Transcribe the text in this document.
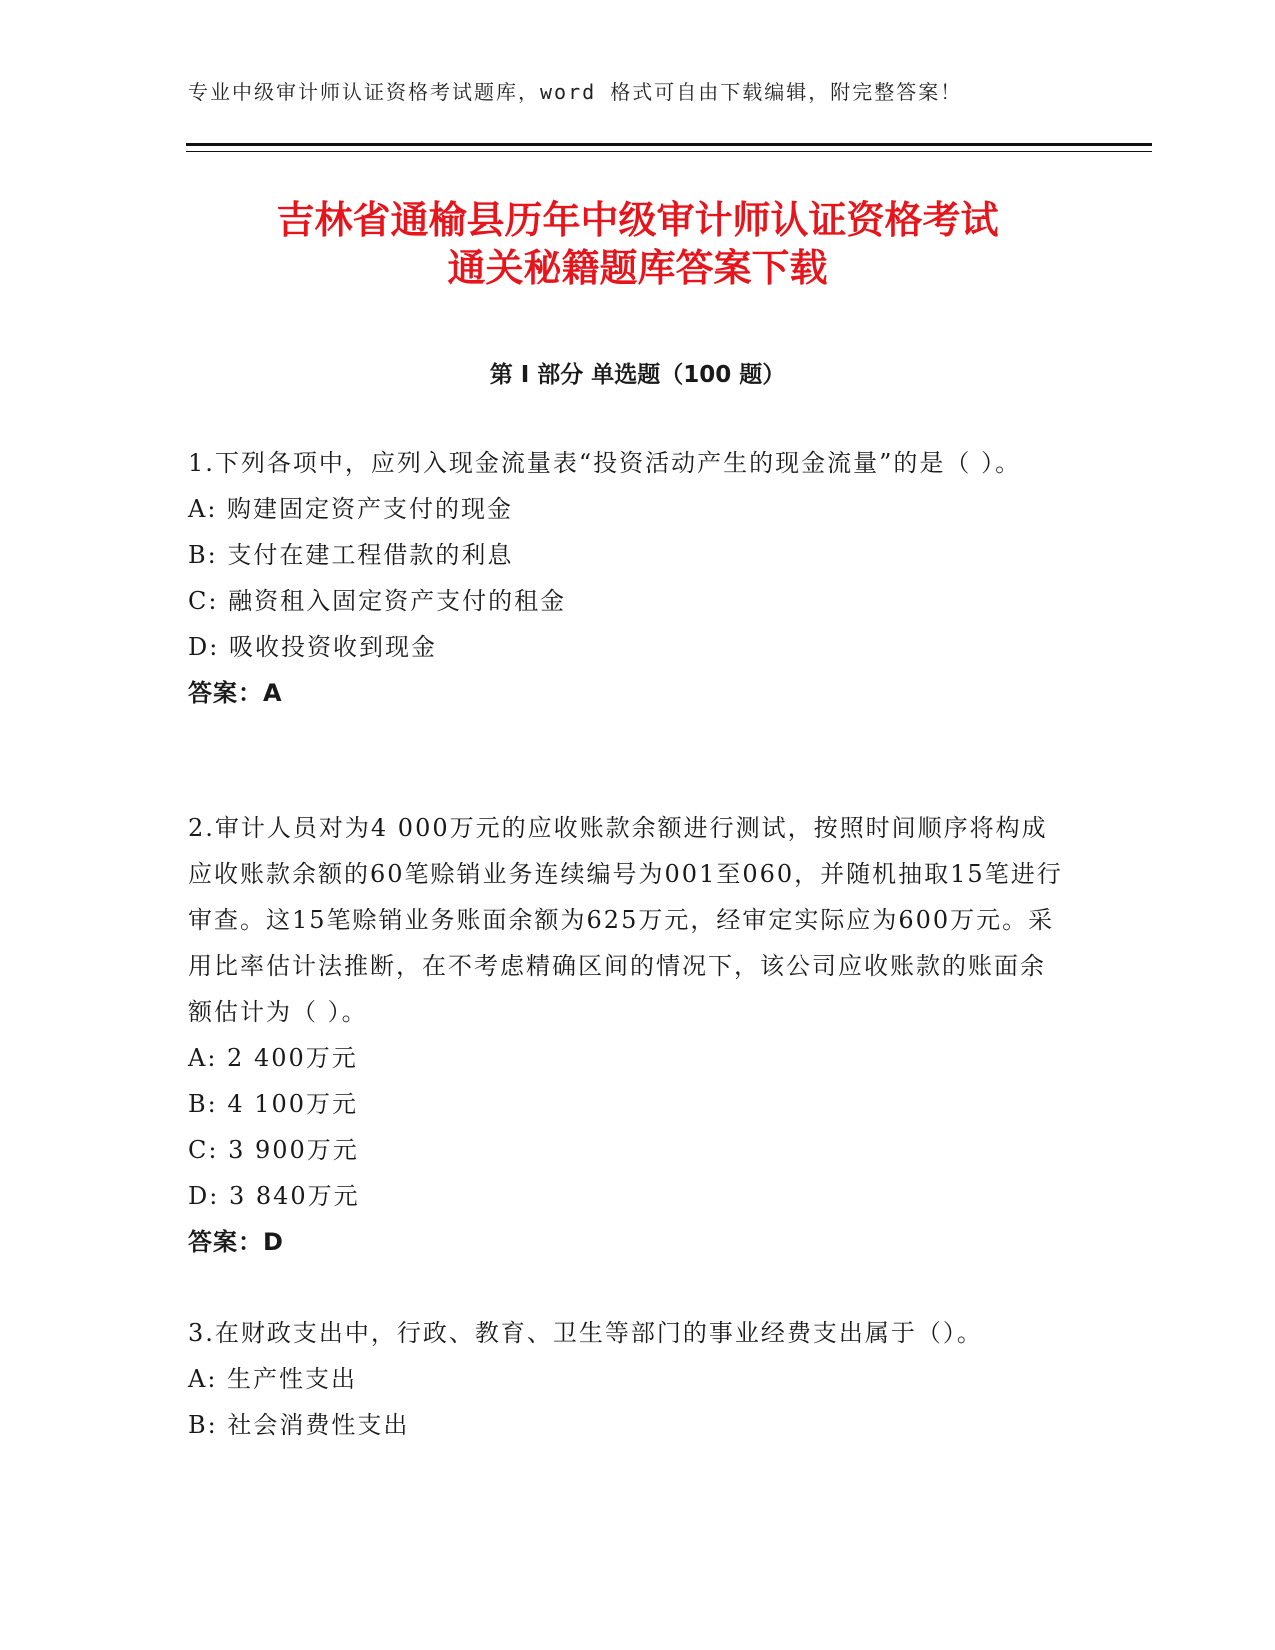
专业中级审计师认证资格考试题库，word 格式可自由下载编辑，附完整答案！
吉林省通榆县历年中级审计师认证资格考试
通关秘籍题库答案下载
第 I 部分 单选题（100 题）

1.下列各项中，应列入现金流量表“投资活动产生的现金流量”的是（ ）。

A: 购建固定资产支付的现金

B: 支付在建工程借款的利息

C: 融资租入固定资产支付的租金

D: 吸收投资收到现金

答案：A

2.审计人员对为4 000万元的应收账款余额进行测试，按照时间顺序将构成应收账款余额的60笔赊销业务连续编号为001至060，并随机抽取15笔进行审查。这15笔赊销业务账面余额为625万元，经审定实际应为600万元。采用比率估计法推断，在不考虑精确区间的情况下，该公司应收账款的账面余额估计为（ ）。

A: 2 400万元

B: 4 100万元

C: 3 900万元

D: 3 840万元

答案：D

3.在财政支出中，行政、教育、卫生等部门的事业经费支出属于（）。

A: 生产性支出

B: 社会消费性支出
